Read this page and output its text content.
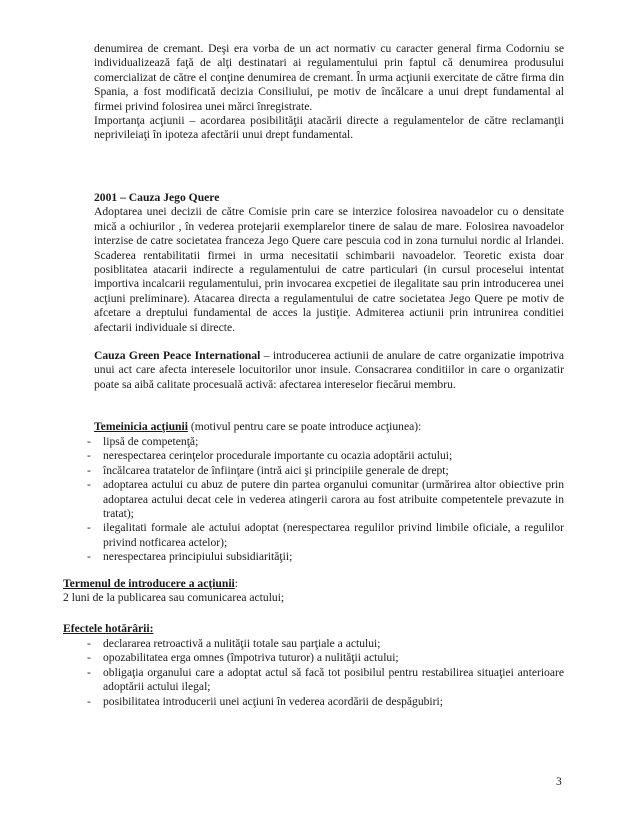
denumirea de cremant. Deşi era vorba de un act normativ cu caracter general firma Codorniu se individualizează faţă de alţi destinatari ai regulamentului prin faptul că denumirea produsului comercializat de către el conţine denumirea de cremant. În urma acţiunii exercitate de către firma din Spania, a fost modificată decizia Consiliului, pe motiv de încălcare a unui drept fundamental al firmei privind folosirea unei mărci înregistrate.

Importanţa acţiunii – acordarea posibilităţii atacării directe a regulamentelor de către reclamanţii neprivileiaţi în ipoteza afectării unui drept fundamental.

2001 – Cauza Jego Quere

Adoptarea unei decizii de către Comisie prin care se interzice folosirea navoadelor cu o densitate mică a ochiurilor , în vederea protejarii exemplarelor tinere de salau de mare. Folosirea navoadelor interzise de catre societatea franceza Jego Quere care pescuia cod in zona turnului nordic al Irlandei. Scaderea rentabilitatii firmei in urma necesitatii schimbarii navoadelor. Teoretic exista doar posiblitatea atacarii indirecte a regulamentului de catre particulari (in cursul proceselui intentat importiva incalcarii regulamentului, prin invocarea excpetiei de ilegalitate sau prin introducerea unei acţiuni preliminare). Atacarea directa a regulamentului de catre societatea Jego Quere pe motiv de afcetare a dreptului fundamental de acces la justiţie. Admiterea actiunii prin intrunirea conditiei afectarii individuale si directe.

Cauza Green Peace International – introducerea actiunii de anulare de catre organizatie impotriva unui act care afecta interesele locuitorilor unor insule. Consacrarea conditiilor in care o organizatir poate sa aibă calitate procesuală activă: afectarea intereselor fiecărui membru.

Temeinicia acţiunii (motivul pentru care se poate introduce acţiunea):

- lipsă de competenţă;
- nerespectarea cerinţelor procedurale importante cu ocazia adoptării actului;
- încălcarea tratatelor de înfiinţare (intră aici şi principiile generale de drept;
- adoptarea actului cu abuz de putere din partea organului comunitar (urmărirea altor obiective prin adoptarea actului decat cele in vederea atingerii carora au fost atribuite competentele prevazute in tratat);
- ilegalitati formale ale actului adoptat (nerespectarea regulilor privind limbile oficiale, a regulilor privind notficarea actelor);
- nerespectarea principiului subsidiarităţii;

Termenul de introducere a acţiunii:

2 luni de la publicarea sau comunicarea actului;

Efectele hotărârii:

- declararea retroactivă a nulităţii totale sau parţiale a actului;
- opozabilitatea erga omnes (împotriva tuturor) a nulităţii actului;
- obligaţia organului care a adoptat actul să facă tot posibilul pentru restabilirea situaţiei anterioare adoptării actului ilegal;
- posibilitatea introducerii unei acţiuni în vederea acordării de despăgubiri;
3
